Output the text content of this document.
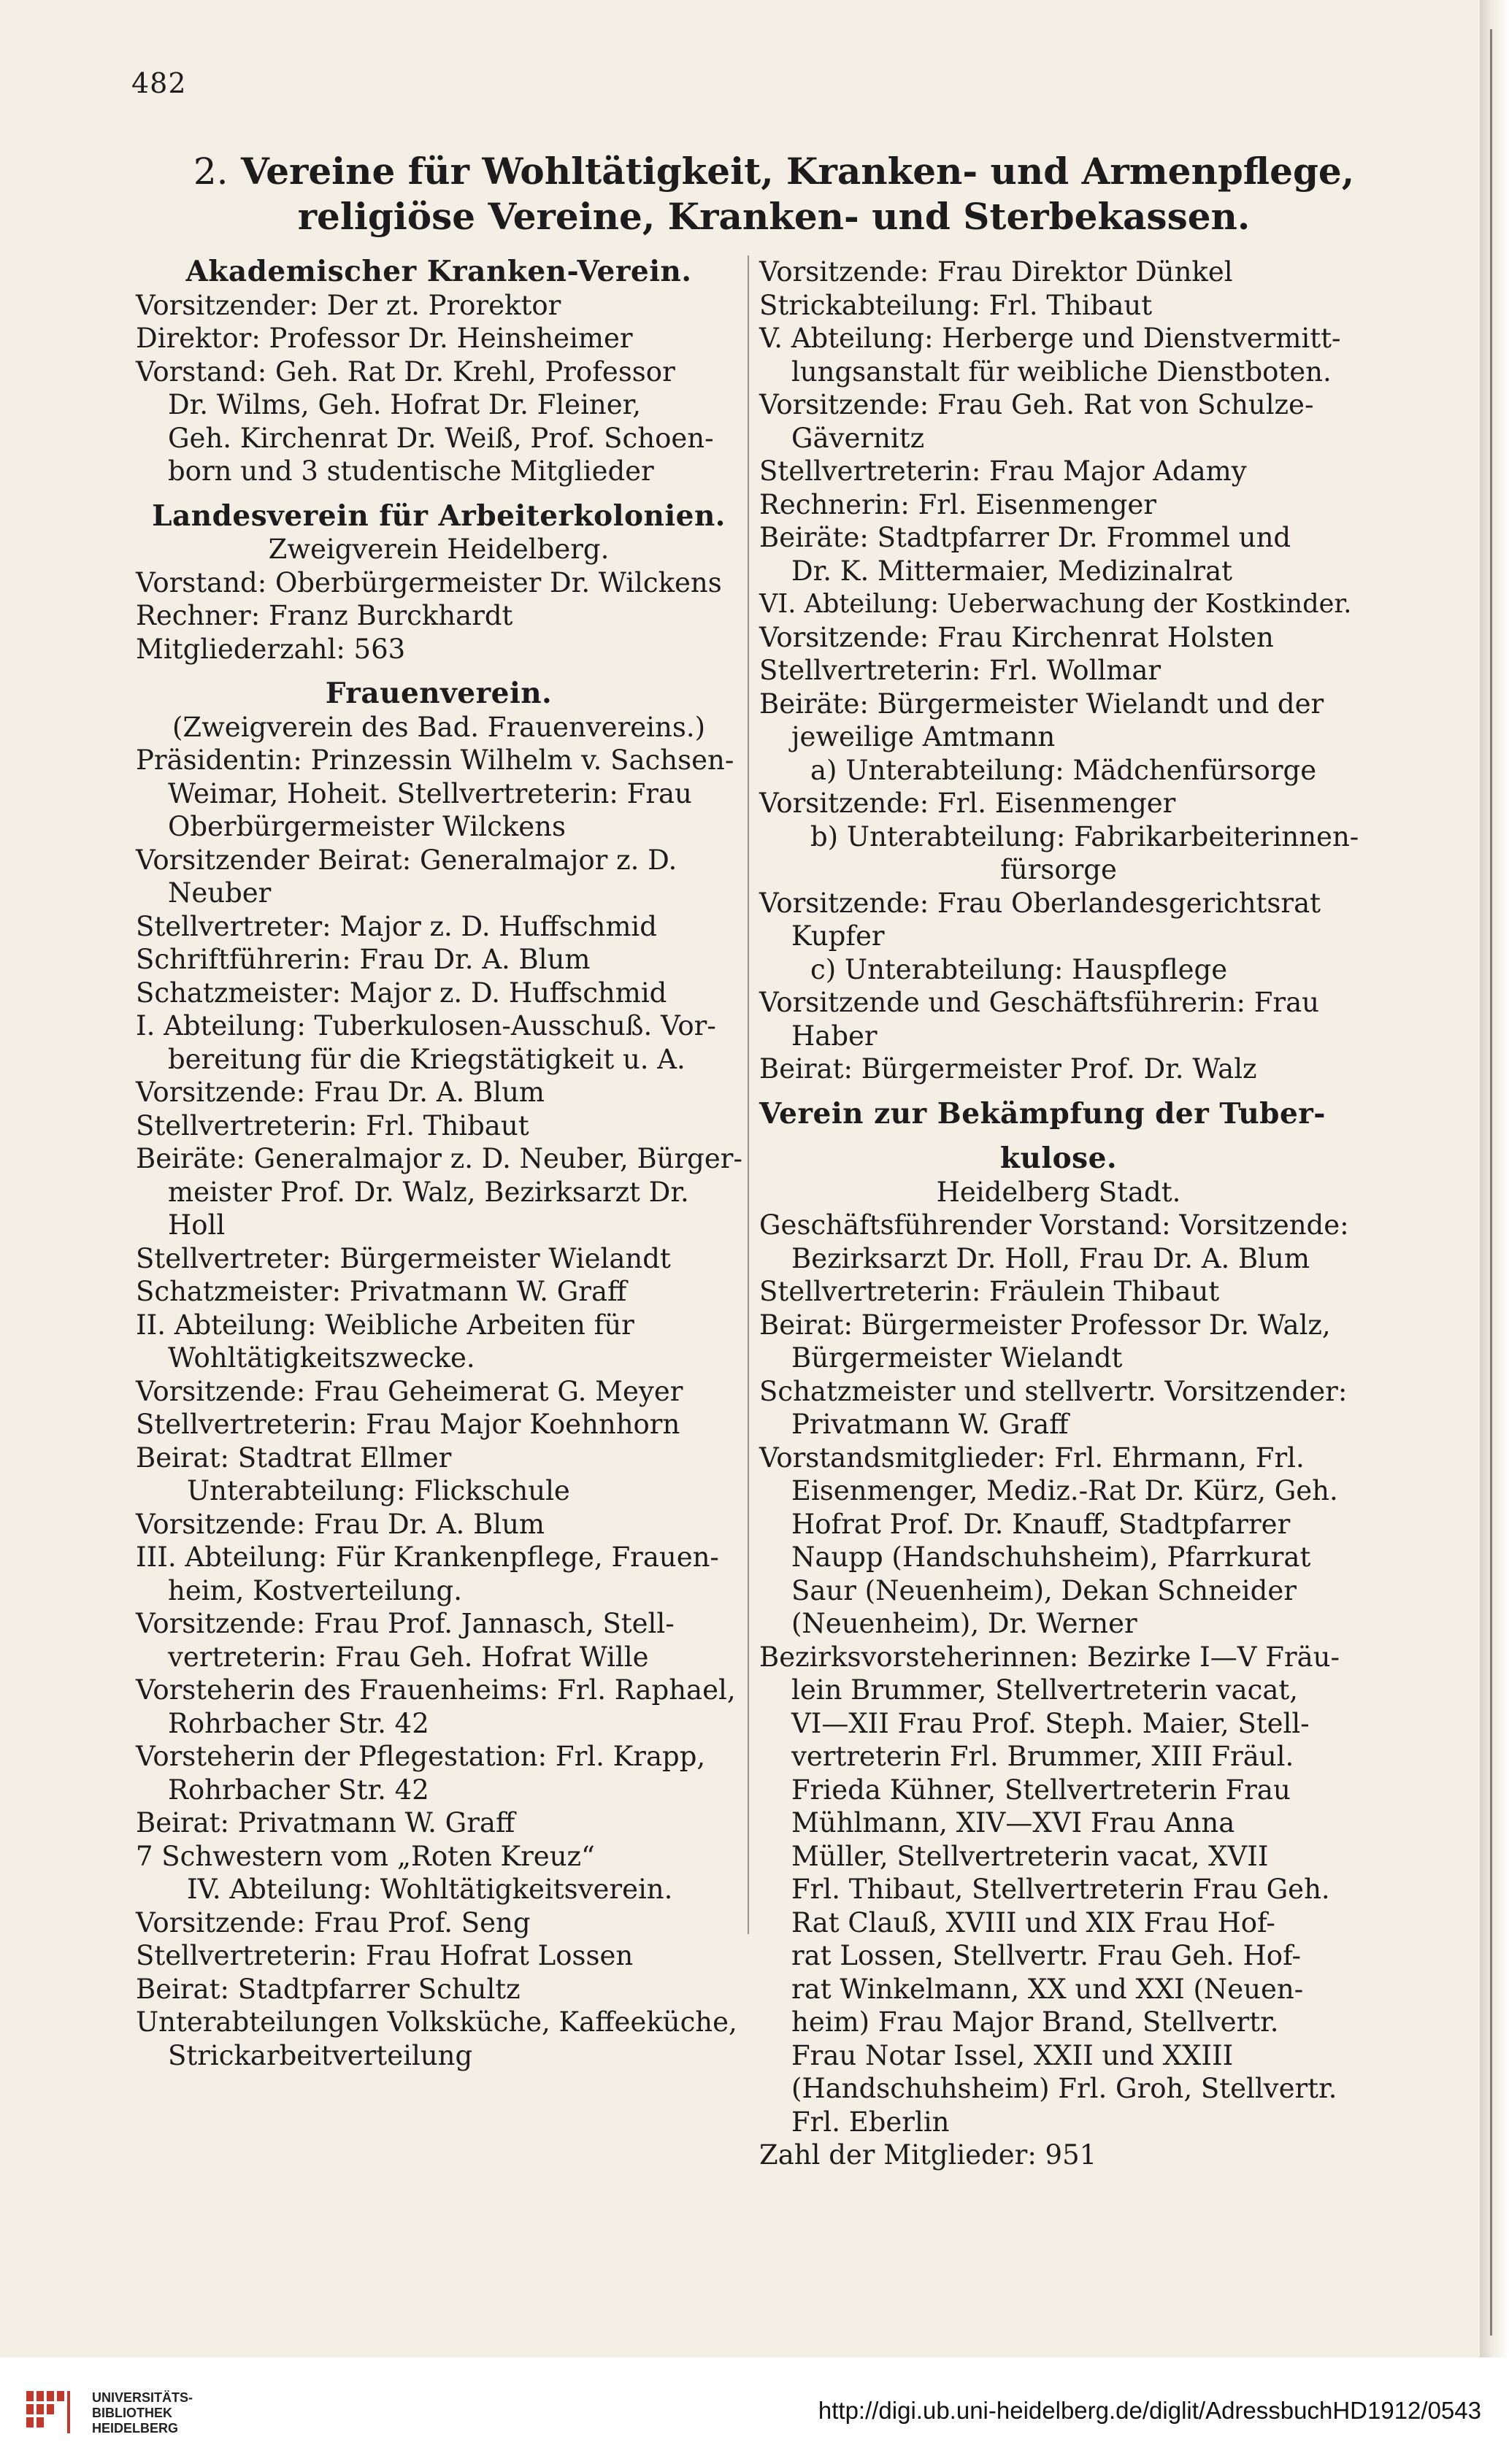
482
2. Vereine für Wohltätigkeit, Kranken- und Armenpflege, religiöse Vereine, Kranken- und Sterbekassen.
Akademischer Kranken-Verein.
Vorsitzender: Der zt. Prorektor
Direktor: Professor Dr. Heinsheimer
Vorstand: Geh. Rat Dr. Krehl, Professor
Dr. Wilms, Geh. Hofrat Dr. Fleiner,
Geh. Kirchenrat Dr. Weiß, Prof. Schoen-
born und 3 studentische Mitglieder
Landesverein für Arbeiterkolonien.
Zweigverein Heidelberg.
Vorstand: Oberbürgermeister Dr. Wilckens
Rechner: Franz Burckhardt
Mitgliederzahl: 563
Frauenverein.
(Zweigverein des Bad. Frauenvereins.)
Präsidentin: Prinzessin Wilhelm v. Sachsen-
Weimar, Hoheit. Stellvertreterin: Frau
Oberbürgermeister Wilckens
Vorsitzender Beirat: Generalmajor z. D.
Neuber
Stellvertreter: Major z. D. Huffschmid
Schriftführerin: Frau Dr. A. Blum
Schatzmeister: Major z. D. Huffschmid
I. Abteilung: Tuberkulosen-Ausschuß. Vor-
bereitung für die Kriegstätigkeit u. A.
Vorsitzende: Frau Dr. A. Blum
Stellvertreterin: Frl. Thibaut
Beiräte: Generalmajor z. D. Neuber, Bürger-
meister Prof. Dr. Walz, Bezirksarzt Dr.
Holl
Stellvertreter: Bürgermeister Wielandt
Schatzmeister: Privatmann W. Graff
II. Abteilung: Weibliche Arbeiten für
Wohltätigkeitszwecke.
Vorsitzende: Frau Geheimerat G. Meyer
Stellvertreterin: Frau Major Koehnhorn
Beirat: Stadtrat Ellmer
Unterabteilung: Flickschule
Vorsitzende: Frau Dr. A. Blum
III. Abteilung: Für Krankenpflege, Frauen-
heim, Kostverteilung.
Vorsitzende: Frau Prof. Jannasch, Stell-
vertreterin: Frau Geh. Hofrat Wille
Vorsteherin des Frauenheims: Frl. Raphael,
Rohrbacher Str. 42
Vorsteherin der Pflegestation: Frl. Krapp,
Rohrbacher Str. 42
Beirat: Privatmann W. Graff
7 Schwestern vom „Roten Kreuz“
IV. Abteilung: Wohltätigkeitsverein.
Vorsitzende: Frau Prof. Seng
Stellvertreterin: Frau Hofrat Lossen
Beirat: Stadtpfarrer Schultz
Unterabteilungen Volksküche, Kaffeeküche,
Strickarbeitverteilung
Vorsitzende: Frau Direktor Dünkel
Strickabteilung: Frl. Thibaut
V. Abteilung: Herberge und Dienstvermitt-
lungsanstalt für weibliche Dienstboten.
Vorsitzende: Frau Geh. Rat von Schulze-
Gävernitz
Stellvertreterin: Frau Major Adamy
Rechnerin: Frl. Eisenmenger
Beiräte: Stadtpfarrer Dr. Frommel und
Dr. K. Mittermaier, Medizinalrat
VI. Abteilung: Ueberwachung der Kostkinder.
Vorsitzende: Frau Kirchenrat Holsten
Stellvertreterin: Frl. Wollmar
Beiräte: Bürgermeister Wielandt und der
jeweilige Amtmann
a) Unterabteilung: Mädchenfürsorge
Vorsitzende: Frl. Eisenmenger
b) Unterabteilung: Fabrikarbeiterinnen-
fürsorge
Vorsitzende: Frau Oberlandesgerichtsrat
Kupfer
c) Unterabteilung: Hauspflege
Vorsitzende und Geschäftsführerin: Frau
Haber
Beirat: Bürgermeister Prof. Dr. Walz
Verein zur Bekämpfung der Tuber-
kulose.
Heidelberg Stadt.
Geschäftsführender Vorstand: Vorsitzende:
Bezirksarzt Dr. Holl, Frau Dr. A. Blum
Stellvertreterin: Fräulein Thibaut
Beirat: Bürgermeister Professor Dr. Walz,
Bürgermeister Wielandt
Schatzmeister und stellvertr. Vorsitzender:
Privatmann W. Graff
Vorstandsmitglieder: Frl. Ehrmann, Frl.
Eisenmenger, Mediz.-Rat Dr. Kürz, Geh.
Hofrat Prof. Dr. Knauff, Stadtpfarrer
Naupp (Handschuhsheim), Pfarrkurat
Saur (Neuenheim), Dekan Schneider
(Neuenheim), Dr. Werner
Bezirksvorsteherinnen: Bezirke I—V Fräu-
lein Brummer, Stellvertreterin vacat,
VI—XII Frau Prof. Steph. Maier, Stell-
vertreterin Frl. Brummer, XIII Fräul.
Frieda Kühner, Stellvertreterin Frau
Mühlmann, XIV—XVI Frau Anna
Müller, Stellvertreterin vacat, XVII
Frl. Thibaut, Stellvertreterin Frau Geh.
Rat Clauß, XVIII und XIX Frau Hof-
rat Lossen, Stellvertr. Frau Geh. Hof-
rat Winkelmann, XX und XXI (Neuen-
heim) Frau Major Brand, Stellvertr.
Frau Notar Issel, XXII und XXIII
(Handschuhsheim) Frl. Groh, Stellvertr.
Frl. Eberlin
Zahl der Mitglieder: 951
UNIVERSITÄTS-
BIBLIOTHEK
HEIDELBERG
http://digi.ub.uni-heidelberg.de/diglit/AdressbuchHD1912/0543
